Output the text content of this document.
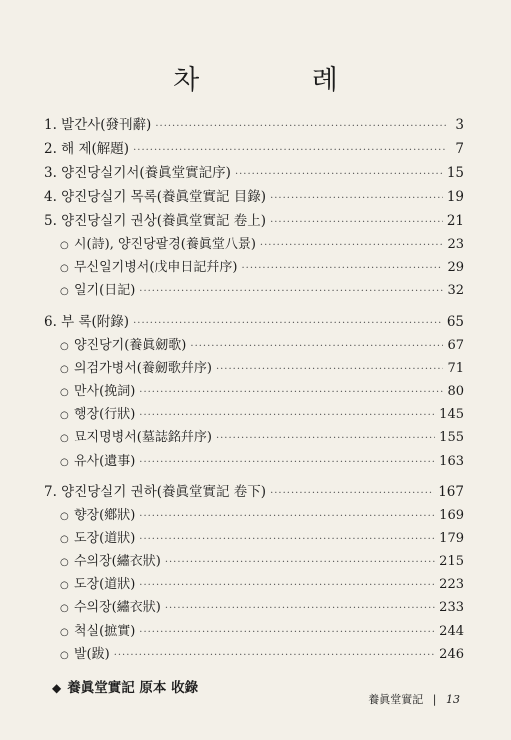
차 례
1. 발간사(發刊辭) ·····	3
2. 해 제(解題) ·····	7
3. 양진당실기서(養眞堂實記序) ·····	15
4. 양진당실기 목록(養眞堂實記 目錄) ·····	19
5. 양진당실기 권상(養眞堂實記 卷上) ·····	21
○ 시(詩), 양진당팔경(養眞堂八景) ·····	23
○ 무신일기병서(戊申日記幷序) ·····	29
○ 일기(日記) ·····	32
6. 부 록(附錄) ·····	65
○ 양진당기(養眞劒歌) ·····	67
○ 의검가병서(養劒歌幷序) ·····	71
○ 만사(挽詞) ·····	80
○ 행장(行狀) ·····	145
○ 묘지명병서(墓誌銘幷序) ·····	155
○ 유사(遺事) ·····	163
7. 양진당실기 권하(養眞堂實記 卷下) ·····	167
○ 향장(鄕狀) ·····	169
○ 도장(道狀) ·····	179
○ 수의장(繡衣狀) ·····	215
○ 도장(道狀) ·····	223
○ 수의장(繡衣狀) ·····	233
○ 척실(摭實) ·····	244
○ 발(跋) ·····	246
◆ 養眞堂實記 原本 收錄
養眞堂實記 | 13
